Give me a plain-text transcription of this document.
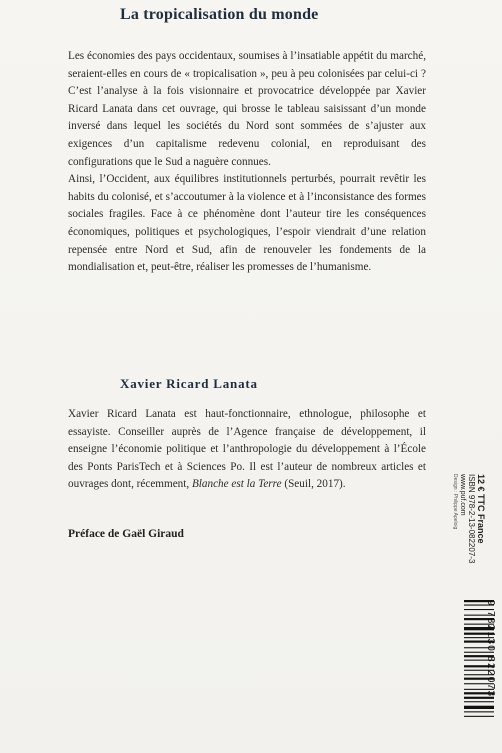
La tropicalisation du monde

Les économies des pays occidentaux, soumises à l’insatiable appétit du marché, seraient-elles en cours de « tropicalisation », peu à peu colonisées par celui-ci ? C’est l’analyse à la fois visionnaire et provocatrice développée par Xavier Ricard Lanata dans cet ouvrage, qui brosse le tableau saisissant d’un monde inversé dans lequel les sociétés du Nord sont sommées de s’ajuster aux exigences d’un capitalisme redevenu colonial, en reproduisant des configurations que le Sud a naguère connues.

Ainsi, l’Occident, aux équilibres institutionnels perturbés, pourrait revêtir les habits du colonisé, et s’accoutumer à la violence et à l’inconsistance des formes sociales fragiles. Face à ce phénomène dont l’auteur tire les conséquences économiques, politiques et psychologiques, l’espoir viendrait d’une relation repensée entre Nord et Sud, afin de renouveler les fondements de la mondialisation et, peut-être, réaliser les promesses de l’humanisme.

Xavier Ricard Lanata

Xavier Ricard Lanata est haut-fonctionnaire, ethnologue, philosophe et essayiste. Conseiller auprès de l’Agence française de développement, il enseigne l’économie politique et l’anthropologie du développement à l’École des Ponts ParisTech et à Sciences Po. Il est l’auteur de nombreux articles et ouvrages dont, récemment, Blanche est la Terre (Seuil, 2017).

Préface de Gaël Giraud	12 € TTC France
ISBN 978-2-13-082207-3
www.puf.com
Design : Philippe Apeloig
9 782130 822073
